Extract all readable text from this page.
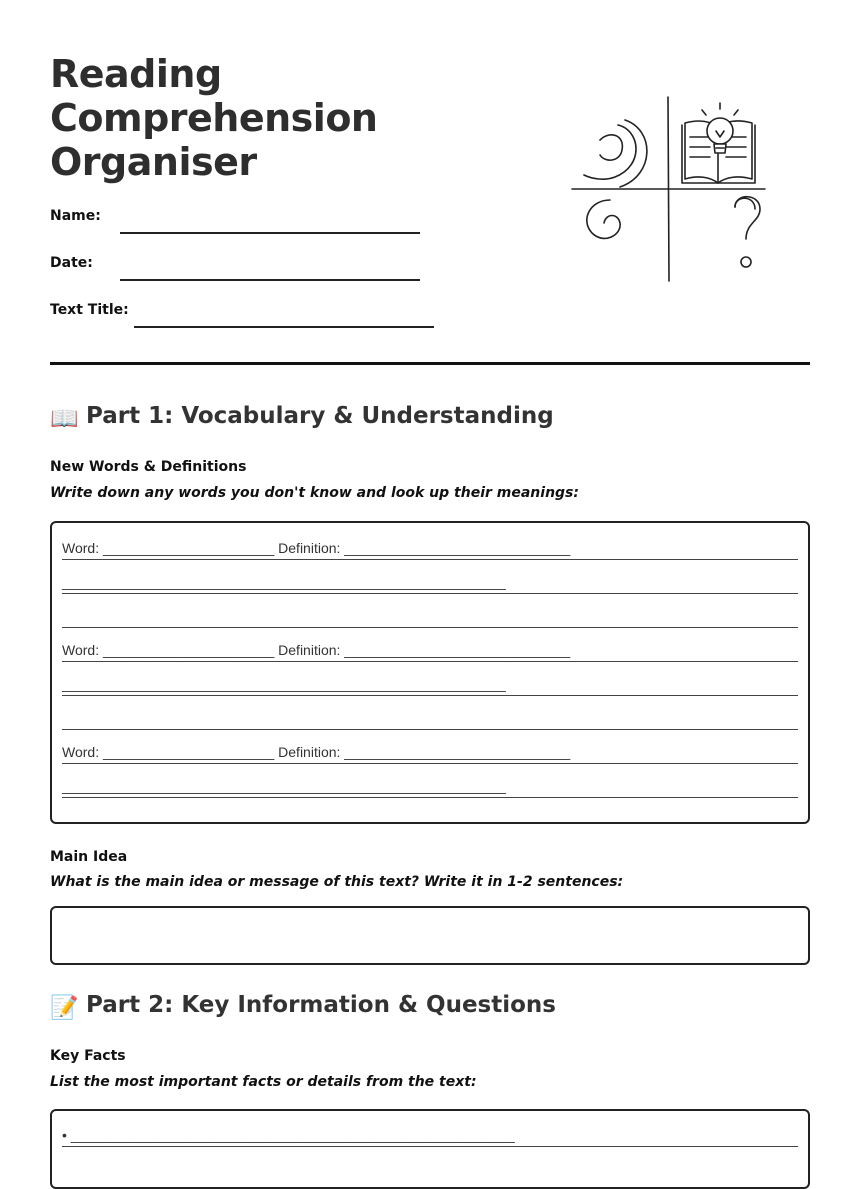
Reading
Comprehension
Organiser
Name:
Date:
Text Title:
📖 Part 1: Vocabulary & Understanding
New Words & Definitions
Write down any words you don't know and look up their meanings:
Word: ______________________ Definition: _____________________________
_________________________________________________________
Word: ______________________ Definition: _____________________________
_________________________________________________________
Word: ______________________ Definition: _____________________________
_________________________________________________________
Main Idea
What is the main idea or message of this text? Write it in 1-2 sentences:
📝 Part 2: Key Information & Questions
Key Facts
List the most important facts or details from the text:
• _________________________________________________________
